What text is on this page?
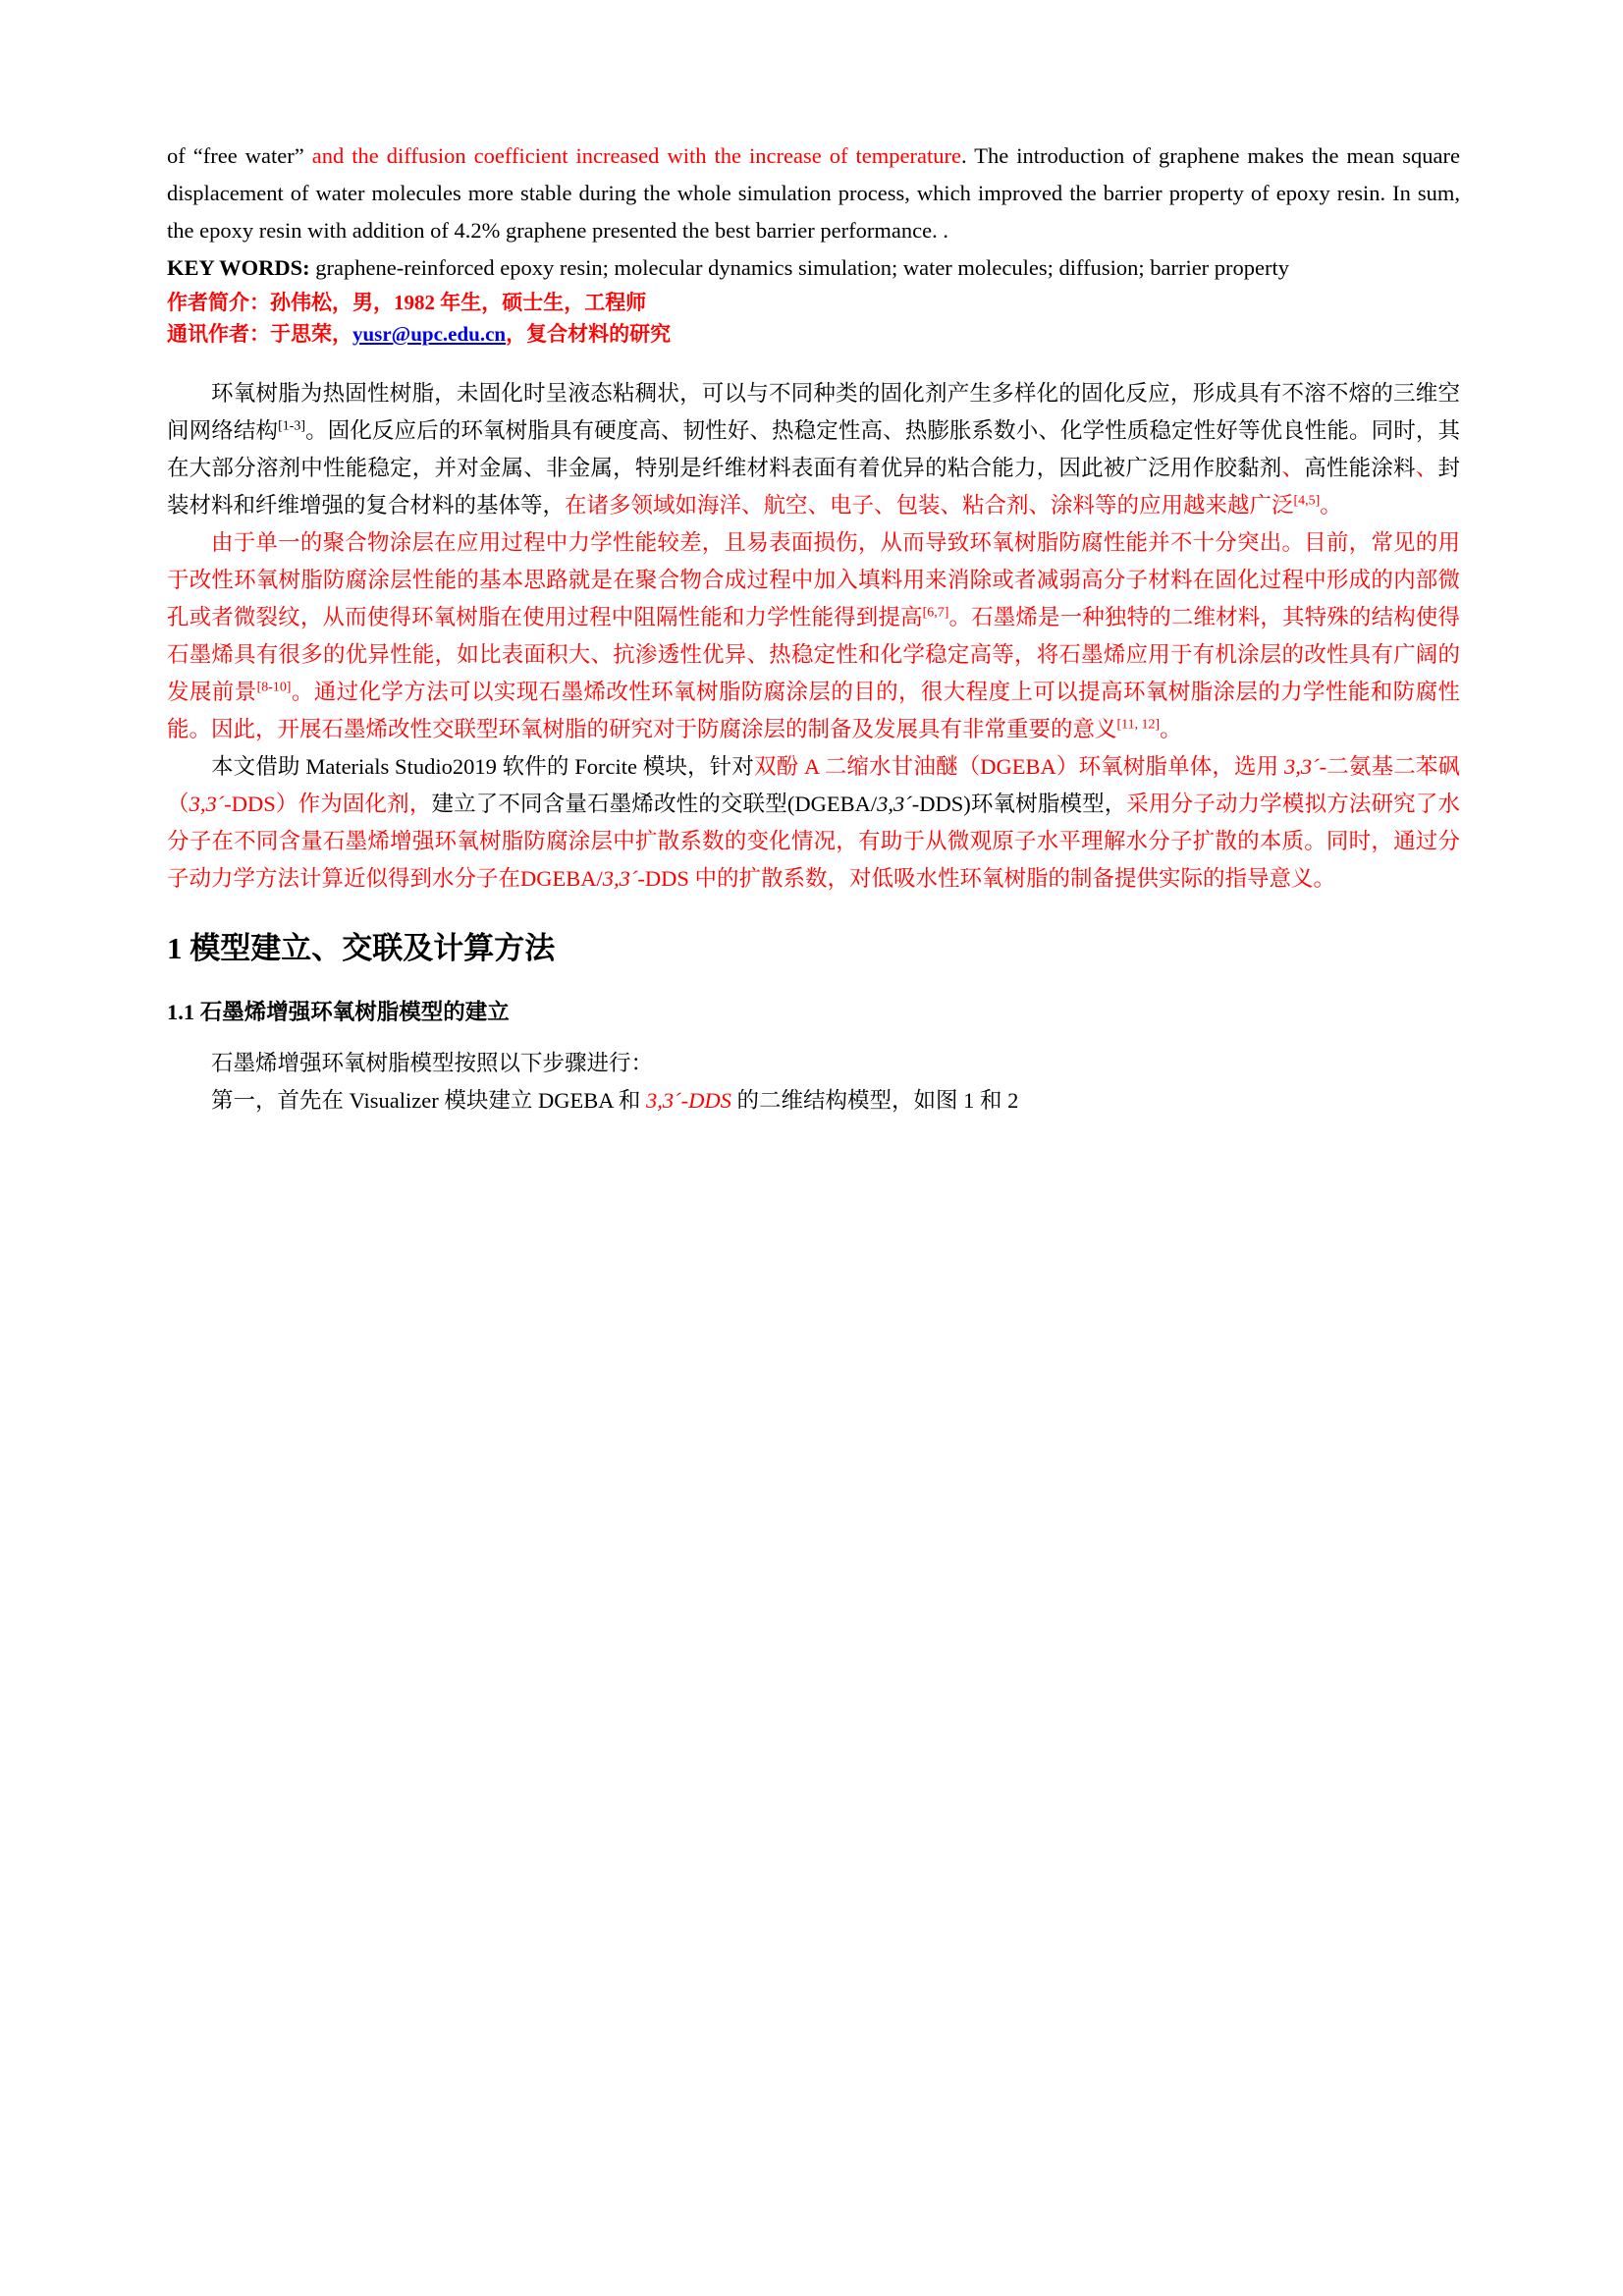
of “free water” and the diffusion coefficient increased with the increase of temperature. The introduction of graphene makes the mean square displacement of water molecules more stable during the whole simulation process, which improved the barrier property of epoxy resin. In sum, the epoxy resin with addition of 4.2% graphene presented the best barrier performance. .

KEY WORDS: graphene-reinforced epoxy resin; molecular dynamics simulation; water molecules; diffusion; barrier property

作者简介：孙伟松，男，1982 年生，硕士生，工程师

通讯作者：于思荣，yusr@upc.edu.cn，复合材料的研究

环氧树脂为热固性树脂，未固化时呈液态粘稠状，可以与不同种类的固化剂产生多样化的固化反应，形成具有不溶不熔的三维空间网络结构[1-3]。固化反应后的环氧树脂具有硬度高、韧性好、热稳定性高、热膨胀系数小、化学性质稳定性好等优良性能。同时，其在大部分溶剂中性能稳定，并对金属、非金属，特别是纤维材料表面有着优异的粘合能力，因此被广泛用作胶黏剂、高性能涂料、封装材料和纤维增强的复合材料的基体等，在诸多领域如海洋、航空、电子、包装、粘合剂、涂料等的应用越来越广泛[4,5]。

由于单一的聚合物涂层在应用过程中力学性能较差，且易表面损伤，从而导致环氧树脂防腐性能并不十分突出。目前，常见的用于改性环氧树脂防腐涂层性能的基本思路就是在聚合物合成过程中加入填料用来消除或者减弱高分子材料在固化过程中形成的内部微孔或者微裂纹，从而使得环氧树脂在使用过程中阻隔性能和力学性能得到提高[6,7]。石墨烯是一种独特的二维材料，其特殊的结构使得石墨烯具有很多的优异性能，如比表面积大、抗渗透性优异、热稳定性和化学稳定高等，将石墨烯应用于有机涂层的改性具有广阔的发展前景[8-10]。通过化学方法可以实现石墨烯改性环氧树脂防腐涂层的目的，很大程度上可以提高环氧树脂涂层的力学性能和防腐性能。因此，开展石墨烯改性交联型环氧树脂的研究对于防腐涂层的制备及发展具有非常重要的意义[11, 12]。

本文借助 Materials Studio2019 软件的 Forcite 模块，针对双酚 A 二缩水甘油醚（DGEBA）环氧树脂单体，选用 3,3´-二氨基二苯砜（3,3´-DDS）作为固化剂，建立了不同含量石墨烯改性的交联型(DGEBA/3,3´-DDS)环氧树脂模型，采用分子动力学模拟方法研究了水分子在不同含量石墨烯增强环氧树脂防腐涂层中扩散系数的变化情况，有助于从微观原子水平理解水分子扩散的本质。同时，通过分子动力学方法计算近似得到水分子在DGEBA/3,3´-DDS 中的扩散系数，对低吸水性环氧树脂的制备提供实际的指导意义。

1 模型建立、交联及计算方法
1.1 石墨烯增强环氧树脂模型的建立

石墨烯增强环氧树脂模型按照以下步骤进行：

第一，首先在 Visualizer 模块建立 DGEBA 和 3,3´-DDS 的二维结构模型，如图 1 和 2
